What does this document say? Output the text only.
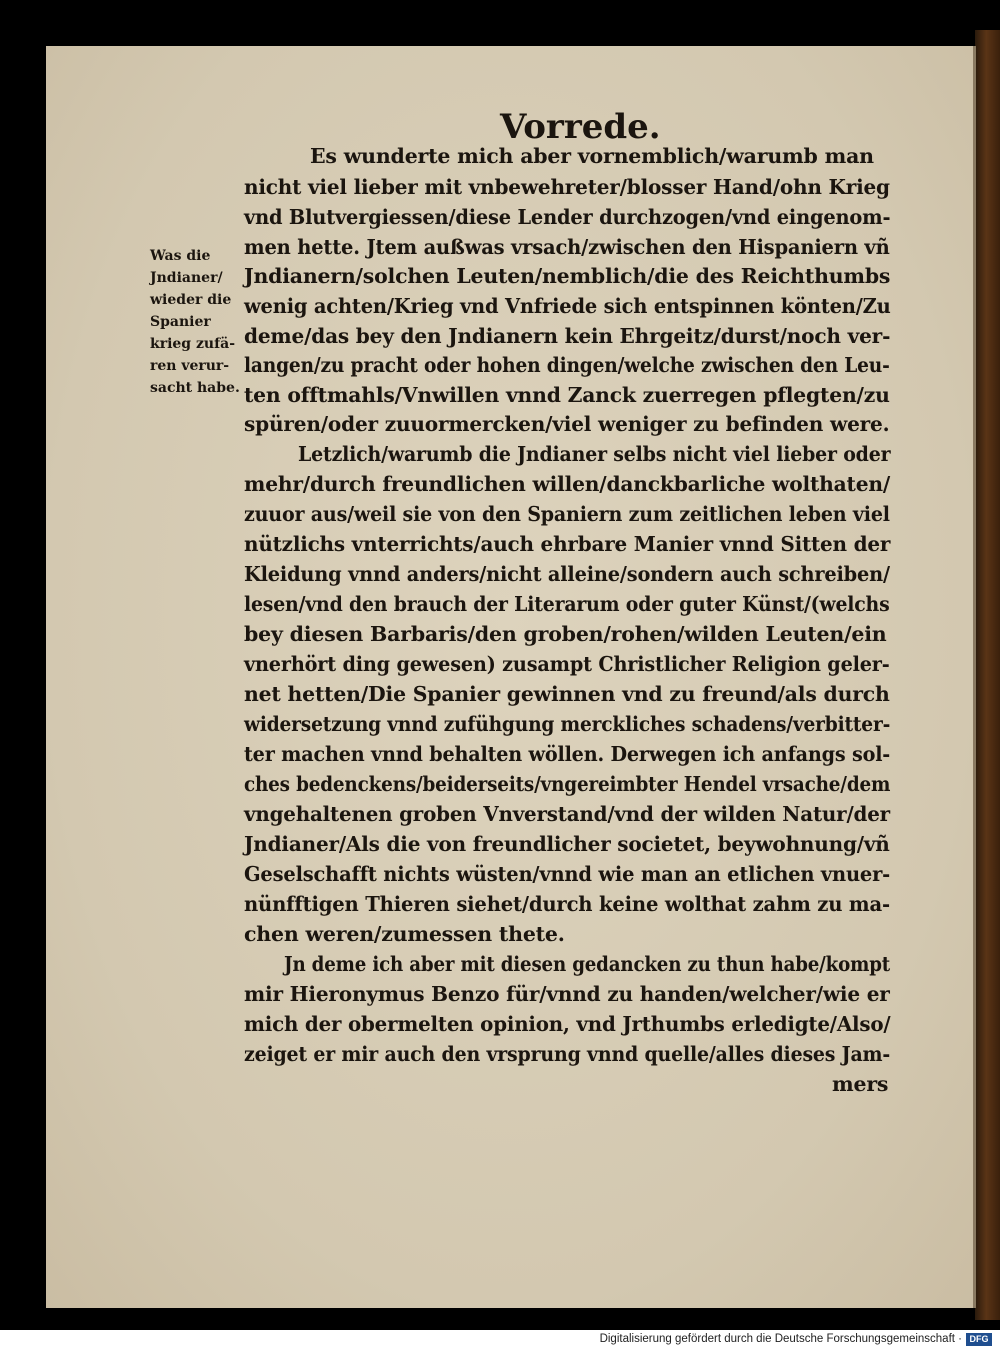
Vorrede.
Es wunderte mich aber vornemblich/warumb man
nicht viel lieber mit vnbewehreter/blosser Hand/ohn Krieg
vnd Blutvergiessen/diese Lender durchzogen/vnd eingenom-
men hette. Jtem außwas vrsach/zwischen den Hispaniern vñ
Jndianern/solchen Leuten/nemblich/die des Reichthumbs
wenig achten/Krieg vnd Vnfriede sich entspinnen könten/Zu
deme/das bey den Jndianern kein Ehrgeitz/durst/noch ver-
langen/zu pracht oder hohen dingen/welche zwischen den Leu-
ten offtmahls/Vnwillen vnnd Zanck zuerregen pflegten/zu
spüren/oder zuuormercken/viel weniger zu befinden were.
Letzlich/warumb die Jndianer selbs nicht viel lieber oder
mehr/durch freundlichen willen/danckbarliche wolthaten/
zuuor aus/weil sie von den Spaniern zum zeitlichen leben viel
nützlichs vnterrichts/auch ehrbare Manier vnnd Sitten der
Kleidung vnnd anders/nicht alleine/sondern auch schreiben/
lesen/vnd den brauch der Literarum oder guter Künst/(welchs
bey diesen Barbaris/den groben/rohen/wilden Leuten/ein
vnerhört ding gewesen) zusampt Christlicher Religion geler-
net hetten/Die Spanier gewinnen vnd zu freund/als durch
widersetzung vnnd zufühgung merckliches schadens/verbitter-
ter machen vnnd behalten wöllen. Derwegen ich anfangs sol-
ches bedenckens/beiderseits/vngereimbter Hendel vrsache/dem
vngehaltenen groben Vnverstand/vnd der wilden Natur/der
Jndianer/Als die von freundlicher societet, beywohnung/vñ
Geselschafft nichts wüsten/vnnd wie man an etlichen vnuer-
nünfftigen Thieren siehet/durch keine wolthat zahm zu ma-
chen weren/zumessen thete.
Jn deme ich aber mit diesen gedancken zu thun habe/kompt
mir Hieronymus Benzo für/vnnd zu handen/welcher/wie er
mich der obermelten opinion, vnd Jrthumbs erledigte/Also/
zeiget er mir auch den vrsprung vnnd quelle/alles dieses Jam-
mers
Was die
Jndianer/
wieder die
Spanier
krieg zufä-
ren verur-
sacht habe.
Digitalisierung gefördert durch die Deutsche Forschungsgemeinschaft · DFG
